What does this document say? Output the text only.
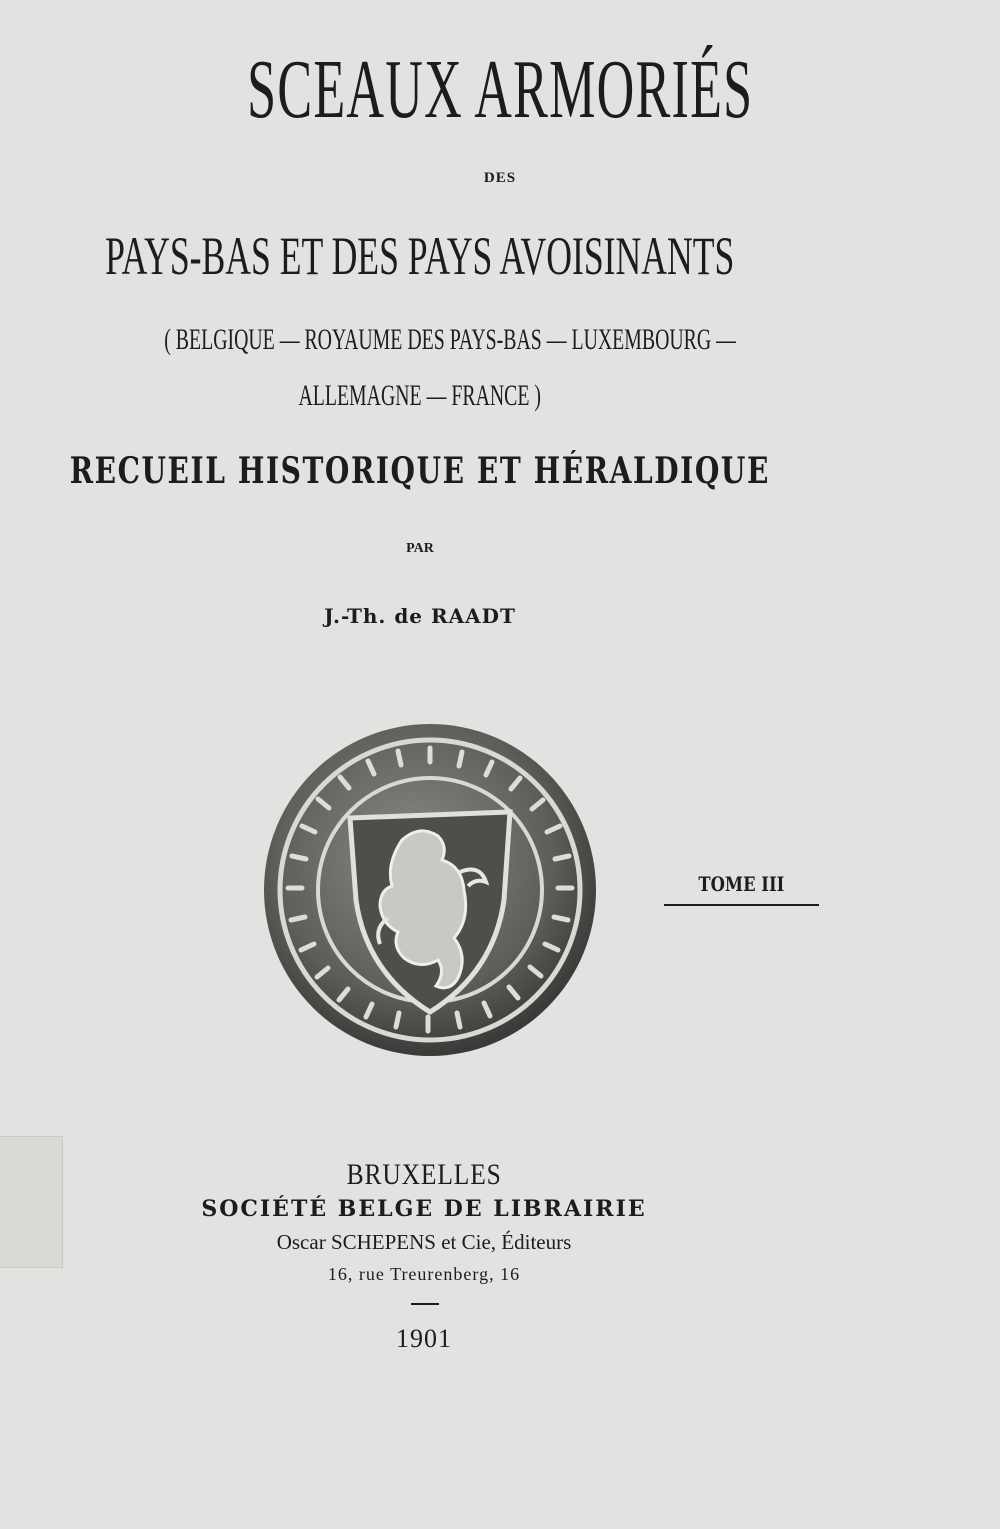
SCEAUX ARMORIÉS
DES
PAYS-BAS ET DES PAYS AVOISINANTS
( BELGIQUE — ROYAUME DES PAYS-BAS — LUXEMBOURG —
ALLEMAGNE — FRANCE )
RECUEIL HISTORIQUE ET HÉRALDIQUE
PAR
J.-Th. de RAADT
TOME III
BRUXELLES
SOCIÉTÉ BELGE DE LIBRAIRIE
Oscar SCHEPENS et Cie, Éditeurs
16, rue Treurenberg, 16
1901
